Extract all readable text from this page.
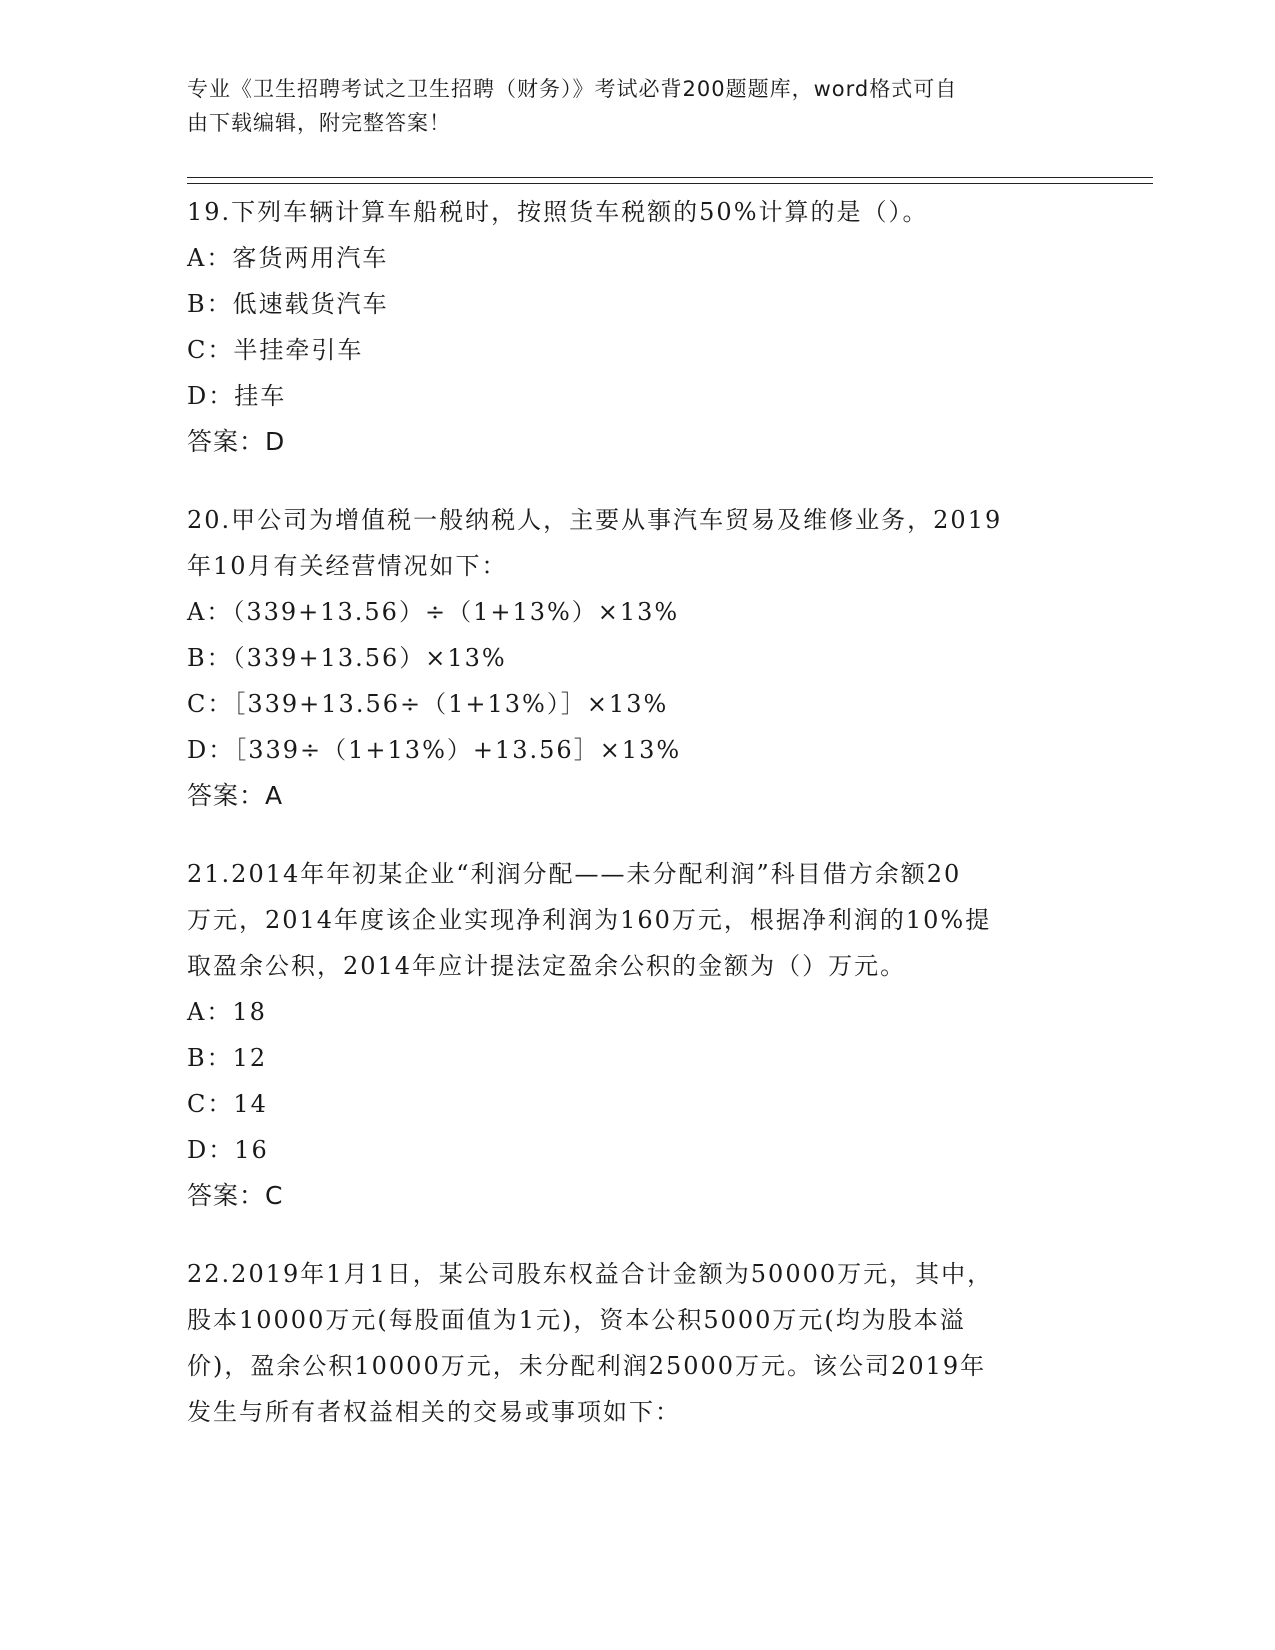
专业《卫生招聘考试之卫生招聘（财务）》考试必背200题题库，word格式可自
由下载编辑，附完整答案！
19.下列车辆计算车船税时，按照货车税额的50%计算的是（）。
A：客货两用汽车
B：低速载货汽车
C：半挂牵引车
D：挂车
答案：D
20.甲公司为增值税一般纳税人，主要从事汽车贸易及维修业务，2019
年10月有关经营情况如下：
A：（339+13.56）÷（1+13%）×13%
B：（339+13.56）×13%
C：［339+13.56÷（1+13%）］×13%
D：［339÷（1+13%）+13.56］×13%
答案：A
21.2014年年初某企业“利润分配——未分配利润”科目借方余额20
万元，2014年度该企业实现净利润为160万元，根据净利润的10%提
取盈余公积，2014年应计提法定盈余公积的金额为（）万元。
A：18
B：12
C：14
D：16
答案：C
22.2019年1月1日，某公司股东权益合计金额为50000万元，其中，
股本10000万元(每股面值为1元)，资本公积5000万元(均为股本溢
价)，盈余公积10000万元，未分配利润25000万元。该公司2019年
发生与所有者权益相关的交易或事项如下：
